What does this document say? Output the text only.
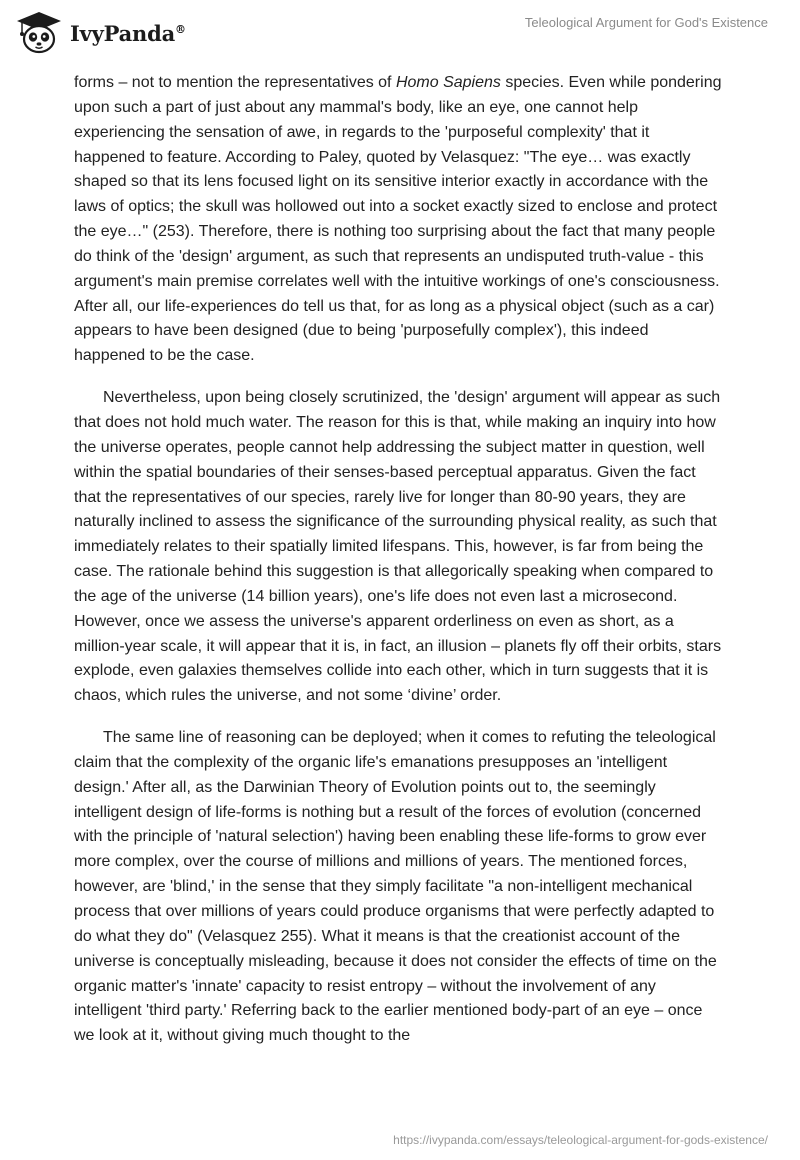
IvyPanda®	Teleological Argument for God's Existence

forms – not to mention the representatives of Homo Sapiens species. Even while pondering upon such a part of just about any mammal's body, like an eye, one cannot help experiencing the sensation of awe, in regards to the 'purposeful complexity' that it happened to feature. According to Paley, quoted by Velasquez: "The eye… was exactly shaped so that its lens focused light on its sensitive interior exactly in accordance with the laws of optics; the skull was hollowed out into a socket exactly sized to enclose and protect the eye…" (253). Therefore, there is nothing too surprising about the fact that many people do think of the 'design' argument, as such that represents an undisputed truth-value - this argument's main premise correlates well with the intuitive workings of one's consciousness. After all, our life-experiences do tell us that, for as long as a physical object (such as a car) appears to have been designed (due to being 'purposefully complex'), this indeed happened to be the case.

Nevertheless, upon being closely scrutinized, the 'design' argument will appear as such that does not hold much water. The reason for this is that, while making an inquiry into how the universe operates, people cannot help addressing the subject matter in question, well within the spatial boundaries of their senses-based perceptual apparatus. Given the fact that the representatives of our species, rarely live for longer than 80-90 years, they are naturally inclined to assess the significance of the surrounding physical reality, as such that immediately relates to their spatially limited lifespans. This, however, is far from being the case. The rationale behind this suggestion is that allegorically speaking when compared to the age of the universe (14 billion years), one's life does not even last a microsecond. However, once we assess the universe's apparent orderliness on even as short, as a million-year scale, it will appear that it is, in fact, an illusion – planets fly off their orbits, stars explode, even galaxies themselves collide into each other, which in turn suggests that it is chaos, which rules the universe, and not some ‘divine’ order.

The same line of reasoning can be deployed; when it comes to refuting the teleological claim that the complexity of the organic life's emanations presupposes an 'intelligent design.' After all, as the Darwinian Theory of Evolution points out to, the seemingly intelligent design of life-forms is nothing but a result of the forces of evolution (concerned with the principle of 'natural selection') having been enabling these life-forms to grow ever more complex, over the course of millions and millions of years. The mentioned forces, however, are 'blind,' in the sense that they simply facilitate "a non-intelligent mechanical process that over millions of years could produce organisms that were perfectly adapted to do what they do" (Velasquez 255). What it means is that the creationist account of the universe is conceptually misleading, because it does not consider the effects of time on the organic matter's 'innate' capacity to resist entropy – without the involvement of any intelligent 'third party.' Referring back to the earlier mentioned body-part of an eye – once we look at it, without giving much thought to the

https://ivypanda.com/essays/teleological-argument-for-gods-existence/
